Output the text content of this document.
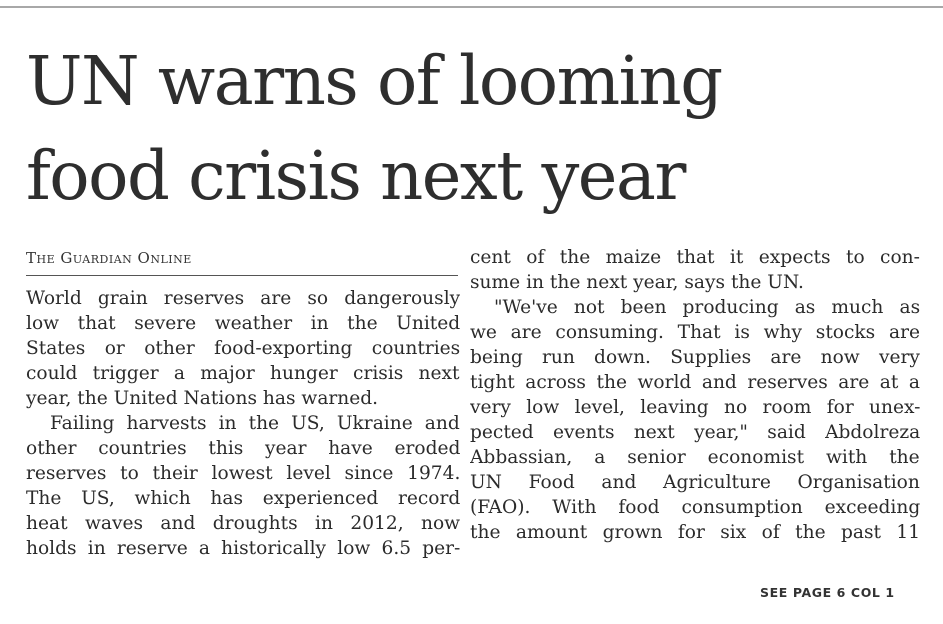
UN warns of looming
food crisis next year
The Guardian Online
World grain reserves are so dangerously
low that severe weather in the United
States or other food-exporting countries
could trigger a major hunger crisis next
year, the United Nations has warned.
Failing harvests in the US, Ukraine and
other countries this year have eroded
reserves to their lowest level since 1974.
The US, which has experienced record
heat waves and droughts in 2012, now
holds in reserve a historically low 6.5 per-
cent of the maize that it expects to con-
sume in the next year, says the UN.
"We've not been producing as much as
we are consuming. That is why stocks are
being run down. Supplies are now very
tight across the world and reserves are at a
very low level, leaving no room for unex-
pected events next year," said Abdolreza
Abbassian, a senior economist with the
UN Food and Agriculture Organisation
(FAO). With food consumption exceeding
the amount grown for six of the past 11
SEE PAGE 6 COL 1
